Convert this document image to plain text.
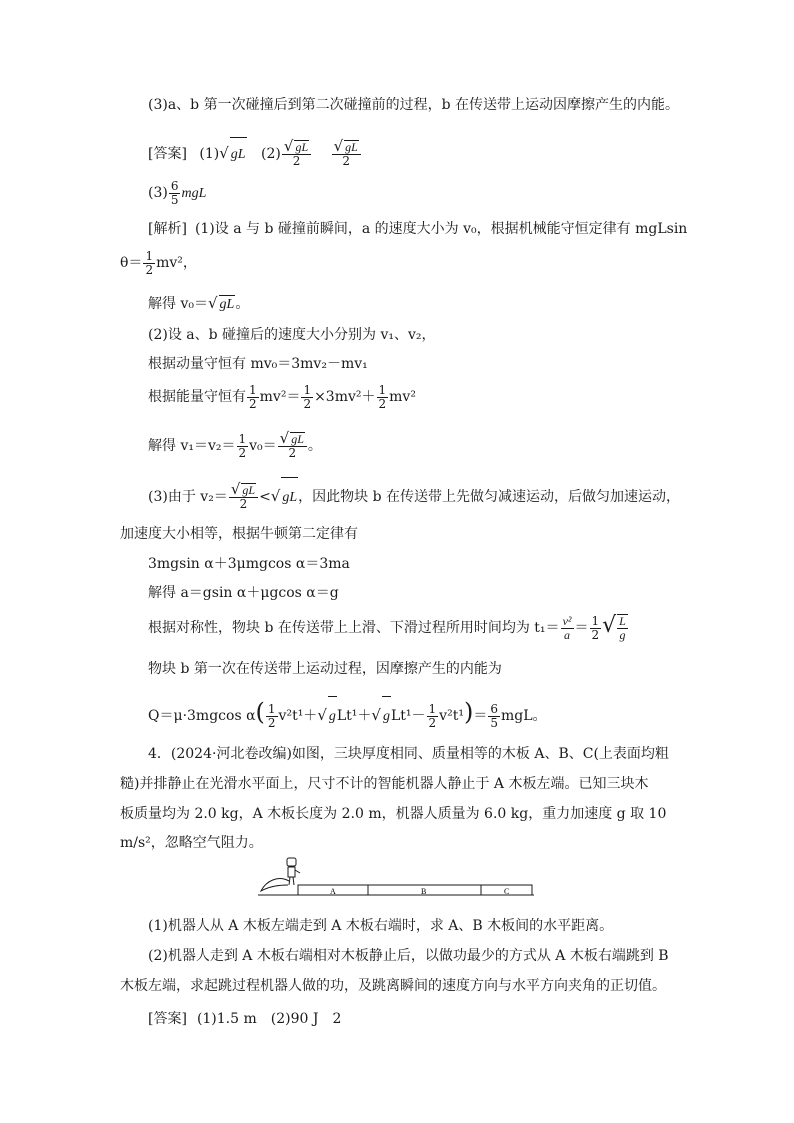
(3)a、b 第一次碰撞后到第二次碰撞前的过程，b 在传送带上运动因摩擦产生的内能。
[答案] (1)√ gL $(2) \frac{√ gL}{2}$
$\frac{√ gL}{2}$
$(3) \frac{6}{5}$ mgL
[解析] (1)设 a 与 b 碰撞前瞬间，a 的速度大小为 v₀，根据机械能守恒定律有 mgLsin
$\theta= \frac{1}{2} mv^2$，
解得 v₀＝√ gL。
(2)设 a、b 碰撞后的速度大小分别为 v₁、v₂，
根据动量守恒有 mv₀＝3mv₂－mv₁
根据能量守恒有 $\frac{1}{2} mv^2= \frac{1}{2} \times 3mv^2+ \frac{1}{2} mv^2$
解得 $v_1=v_2= \frac{1}{2} v_0= \frac{√ gL}{2}$ 。
(3)由于 $v_2= \frac{√ gL}{2}$ <√ gL，因此物块 b 在传送带上先做匀减速运动，后做匀加速运动，
加速度大小相等，根据牛顿第二定律有
3mgsin α＋3μmgcos α＝3ma
解得 a＝gsin α＋μgcos α＝g
根据对称性，物块 b 在传送带上上滑、下滑过程所用时间均为 $t_1= \frac{\text{v²}}{a} = \frac{1}{2}$ √ $\frac{L}{g}$
物块 b 第一次在传送带上运动过程，因摩擦产生的内能为
Q＝μ·3mgcos $\alpha( \frac{1}{2} v^2t^1+√$ gLt¹＋√ $gLt^1- \frac{1}{2} v^2t^1)= \frac{6}{5}$ mgL。
4．(2024·河北卷改编)如图，三块厚度相同、质量相等的木板 A、B、C(上表面均粗
糙)并排静止在光滑水平面上，尺寸不计的智能机器人静止于 A 木板左端。已知三块木
板质量均为 2.0 kg，A 木板长度为 2.0 m，机器人质量为 6.0 kg，重力加速度 g 取 10
m/s²，忽略空气阻力。
A	B	C
(1)机器人从 A 木板左端走到 A 木板右端时，求 A、B 木板间的水平距离。
(2)机器人走到 A 木板右端相对木板静止后，以做功最少的方式从 A 木板右端跳到 B
木板左端，求起跳过程机器人做的功，及跳离瞬间的速度方向与水平方向夹角的正切值。
[答案] (1)1.5 m　(2)90 J　2
